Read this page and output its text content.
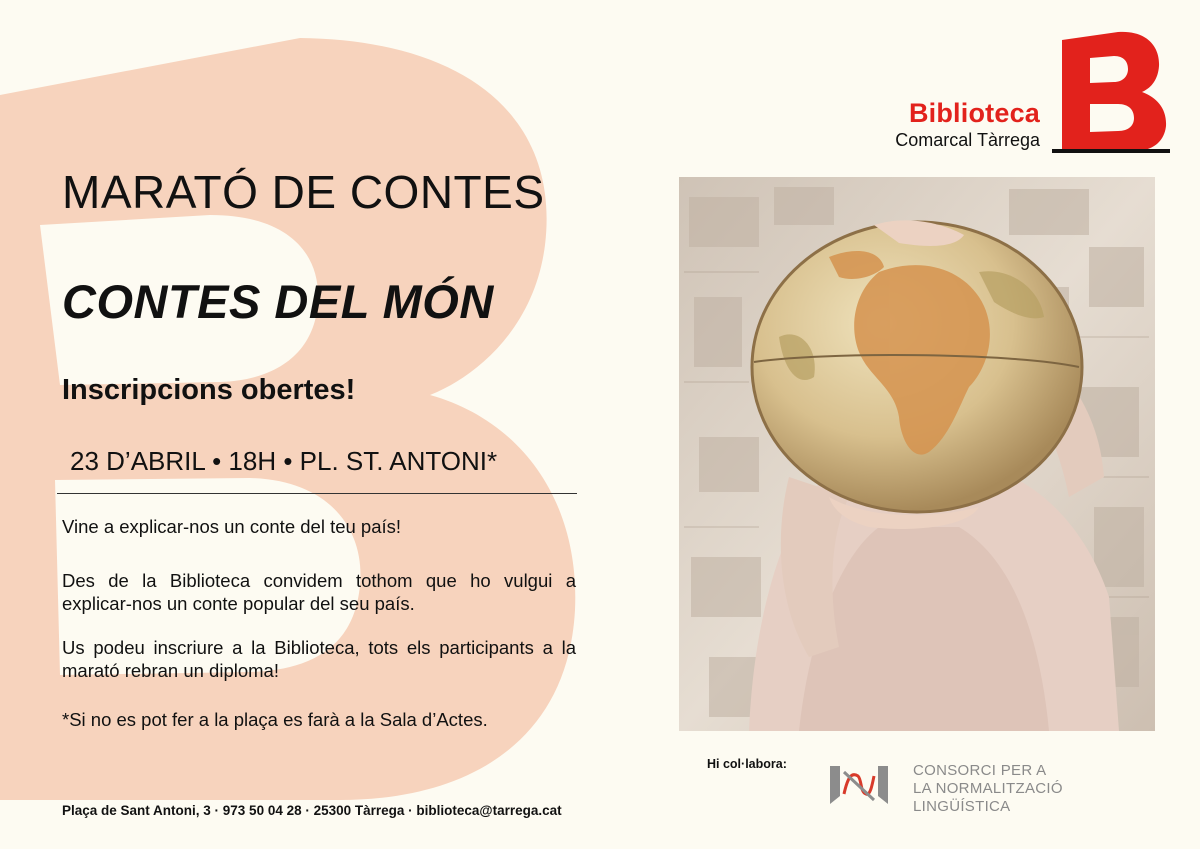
Biblioteca
Comarcal Tàrrega
MARATÓ DE CONTES
CONTES DEL MÓN
Inscripcions obertes!
23 D’ABRIL • 18H • PL. ST. ANTONI*

Vine a explicar-nos un conte del teu país!

Des de la Biblioteca convidem tothom que ho vulgui a explicar-nos un conte popular del seu país.

Us podeu inscriure a la Biblioteca, tots els participants a la marató rebran un diploma!

*Si no es pot fer a la plaça es farà a la Sala d’Actes.

Plaça de Sant Antoni, 3 · 973 50 04 28 · 25300 Tàrrega · biblioteca@tarrega.cat
Hi col·labora:	CONSORCI PER A
LA NORMALITZACIÓ
LINGÜÍSTICA
